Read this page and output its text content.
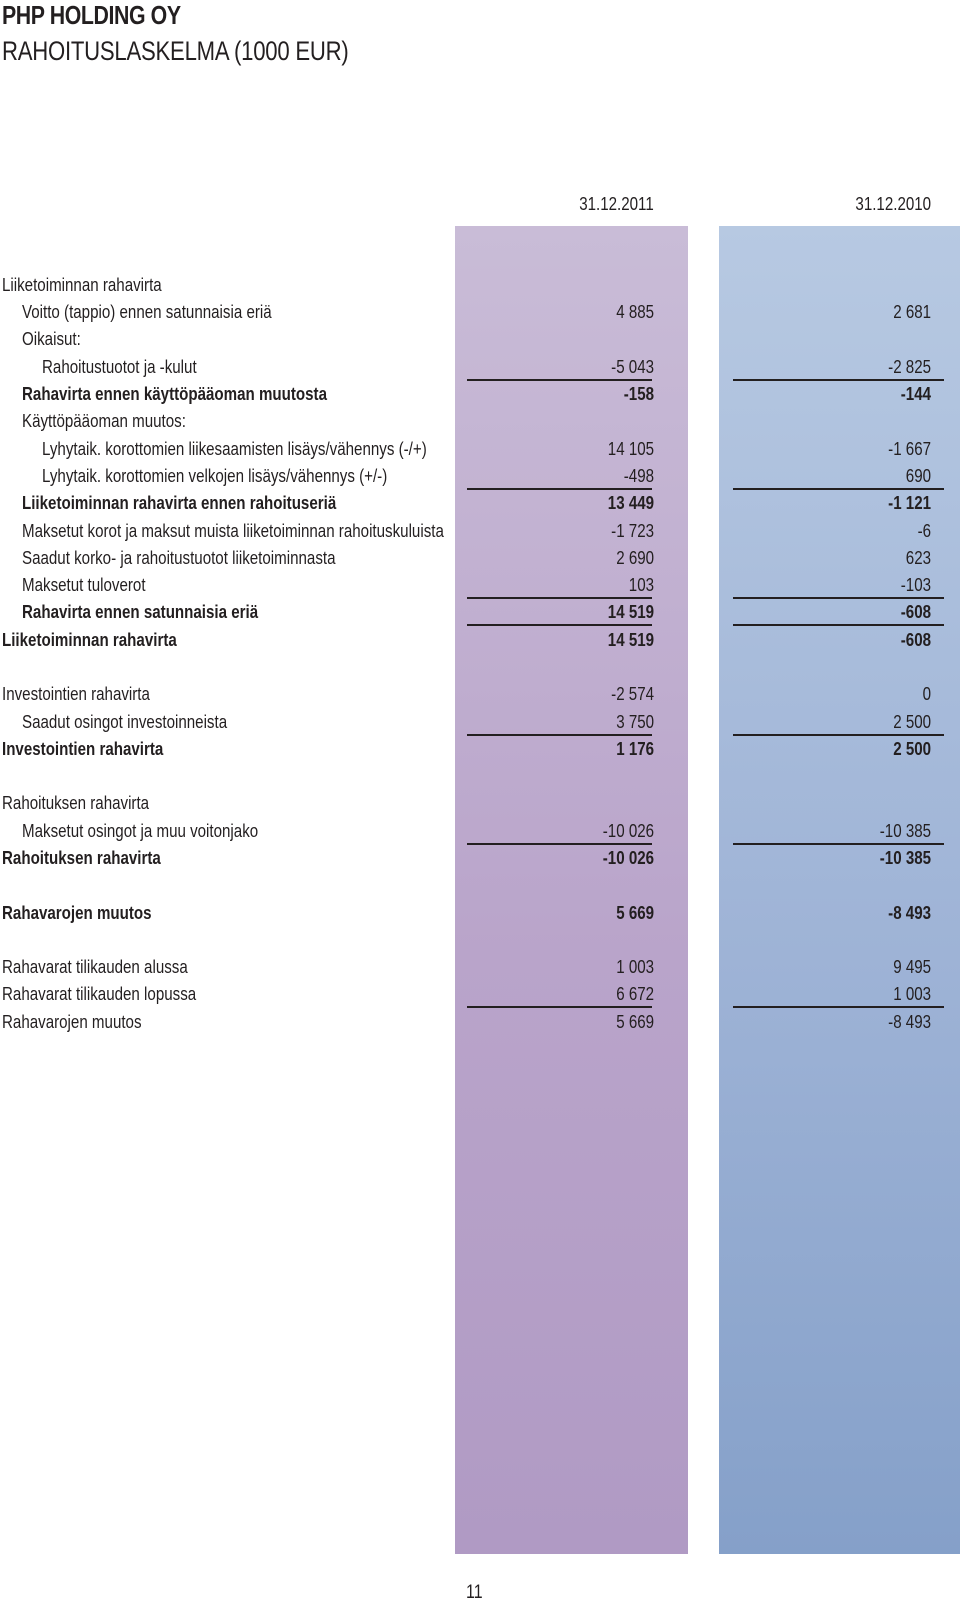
PHP HOLDING OY
RAHOITUSLASKELMA (1000 EUR)
31.12.2011	31.12.2010
Liiketoiminnan rahavirta
Voitto (tappio) ennen satunnaisia eriä	4 885	2 681
Oikaisut:
Rahoitustuotot ja -kulut	-5 043	-2 825
Rahavirta ennen käyttöpääoman muutosta	-158	-144
Käyttöpääoman muutos:
Lyhytaik. korottomien liikesaamisten lisäys/vähennys (-/+)	14 105	-1 667
Lyhytaik. korottomien velkojen lisäys/vähennys (+/-)	-498	690
Liiketoiminnan rahavirta ennen rahoituseriä	13 449	-1 121
Maksetut korot ja maksut muista liiketoiminnan rahoituskuluista	-1 723	-6
Saadut korko- ja rahoitustuotot liiketoiminnasta	2 690	623
Maksetut tuloverot	103	-103
Rahavirta ennen satunnaisia eriä	14 519	-608
Liiketoiminnan rahavirta	14 519	-608
Investointien rahavirta	-2 574	0
Saadut osingot investoinneista	3 750	2 500
Investointien rahavirta	1 176	2 500
Rahoituksen rahavirta
Maksetut osingot ja muu voitonjako	-10 026	-10 385
Rahoituksen rahavirta	-10 026	-10 385
Rahavarojen muutos	5 669	-8 493
Rahavarat tilikauden alussa	1 003	9 495
Rahavarat tilikauden lopussa	6 672	1 003
Rahavarojen muutos	5 669	-8 493
11
